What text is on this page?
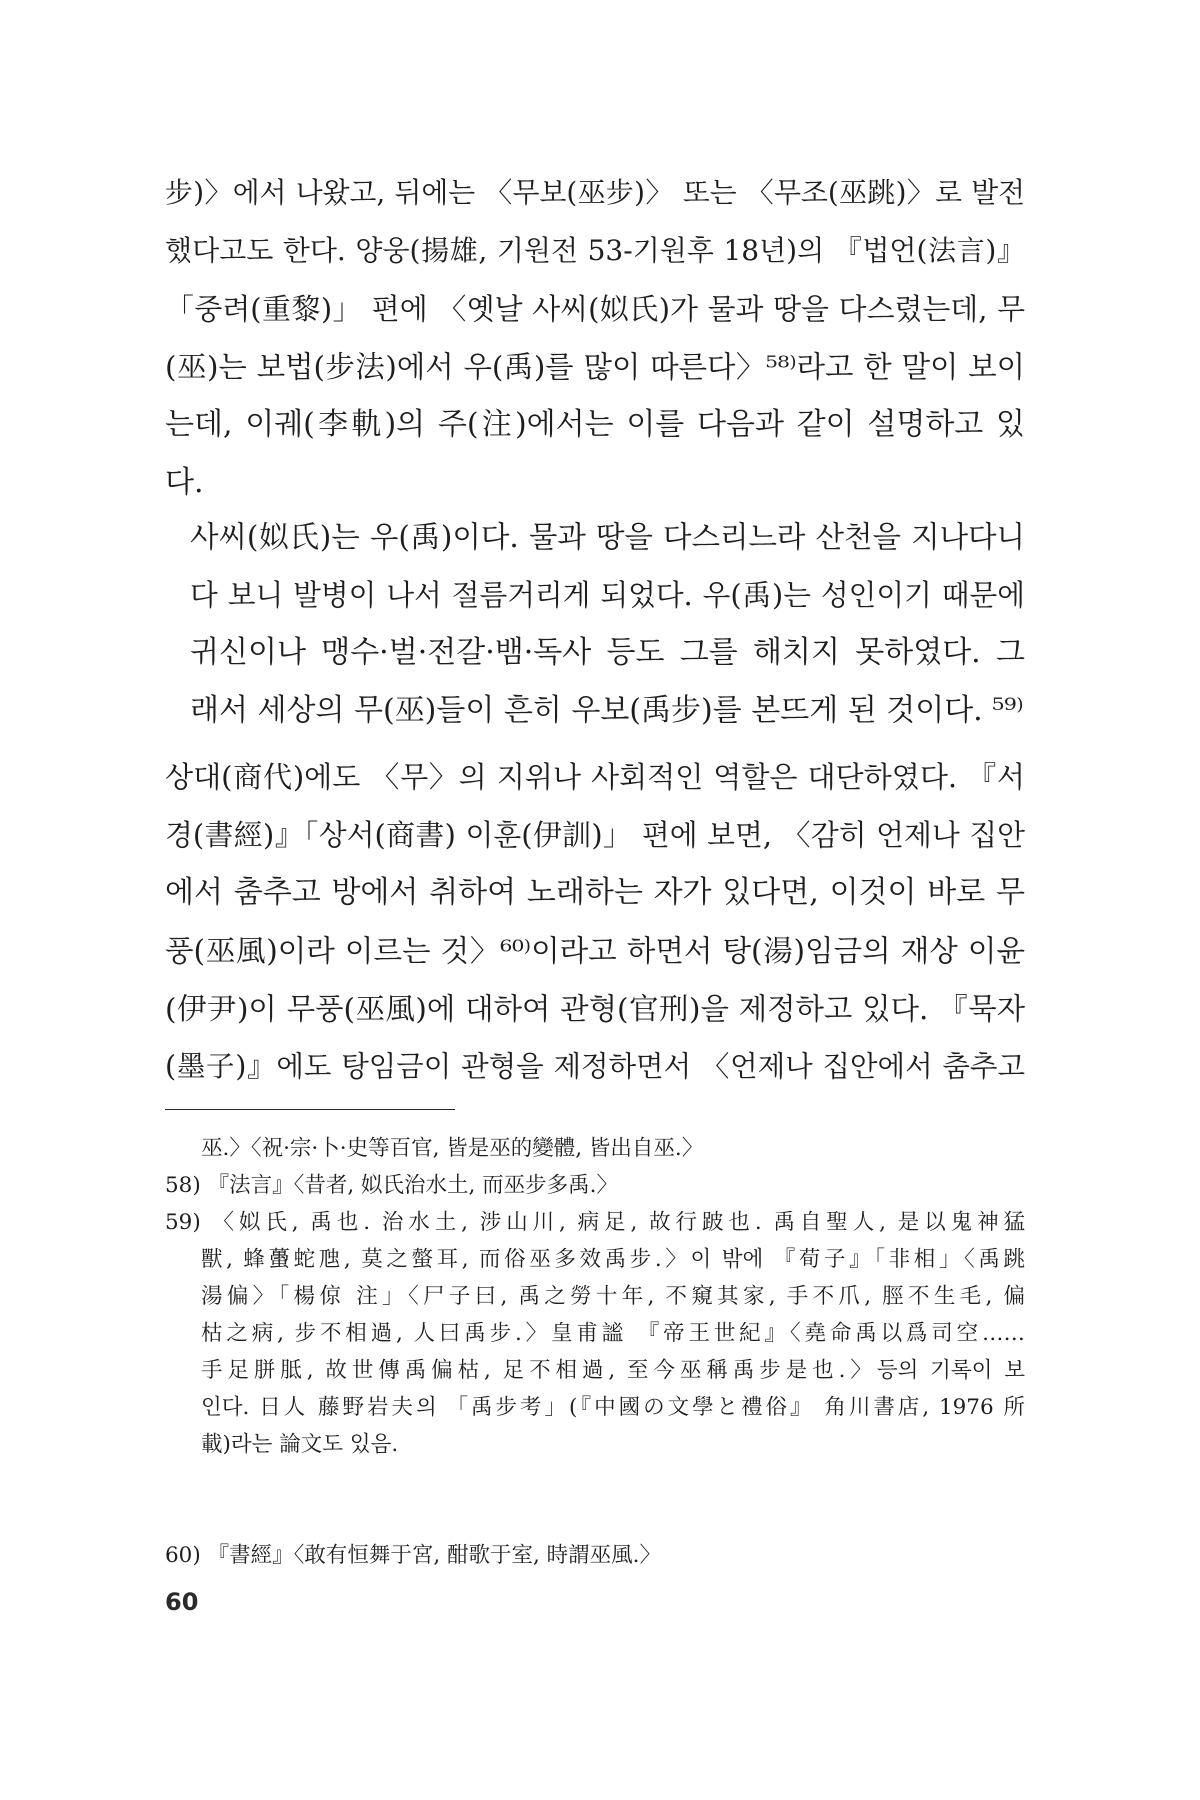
步)〉에서 나왔고, 뒤에는 〈무보(巫步)〉 또는 〈무조(巫跳)〉로 발전
했다고도 한다. 양웅(揚雄, 기원전 53-기원후 18년)의 『법언(法言)』
「중려(重黎)」 편에 〈옛날 사씨(姒氏)가 물과 땅을 다스렸는데, 무
(巫)는 보법(步法)에서 우(禹)를 많이 따른다〉⁵⁸⁾라고 한 말이 보이
는데, 이궤(李軌)의 주(注)에서는 이를 다음과 같이 설명하고 있
다.
사씨(姒氏)는 우(禹)이다. 물과 땅을 다스리느라 산천을 지나다니
다 보니 발병이 나서 절름거리게 되었다. 우(禹)는 성인이기 때문에
귀신이나 맹수·벌·전갈·뱀·독사 등도 그를 해치지 못하였다. 그
래서 세상의 무(巫)들이 흔히 우보(禹步)를 본뜨게 된 것이다. ⁵⁹⁾
상대(商代)에도 〈무〉의 지위나 사회적인 역할은 대단하였다. 『서
경(書經)』「상서(商書) 이훈(伊訓)」 편에 보면, 〈감히 언제나 집안
에서 춤추고 방에서 취하여 노래하는 자가 있다면, 이것이 바로 무
풍(巫風)이라 이르는 것〉⁶⁰⁾이라고 하면서 탕(湯)임금의 재상 이윤
(伊尹)이 무풍(巫風)에 대하여 관형(官刑)을 제정하고 있다. 『묵자
(墨子)』에도 탕임금이 관형을 제정하면서 〈언제나 집안에서 춤추고
巫.〉〈祝·宗·卜·史等百官, 皆是巫的變體, 皆出自巫.〉
58) 『法言』〈昔者, 姒氏治水土, 而巫步多禹.〉
59) 〈姒氏, 禹也. 治水土, 涉山川, 病足, 故行跛也. 禹自聖人, 是以鬼神猛
獸, 蜂蠆蛇虺, 莫之螫耳, 而俗巫多效禹步.〉이 밖에 『荀子』「非相」〈禹跳
湯偏〉「楊倞 注」〈尸子曰, 禹之勞十年, 不窺其家, 手不爪, 脛不生毛, 偏
枯之病, 步不相過, 人曰禹步.〉皇甫謐 『帝王世紀』〈堯命禹以爲司空……
手足胼胝, 故世傳禹偏枯, 足不相過, 至今巫稱禹步是也.〉등의 기록이 보
인다. 日人 藤野岩夫의 「禹步考」(『中國の文學と禮俗』 角川書店, 1976 所
載)라는 論文도 있음.
60) 『書經』〈敢有恒舞于宮, 酣歌于室, 時謂巫風.〉
60
